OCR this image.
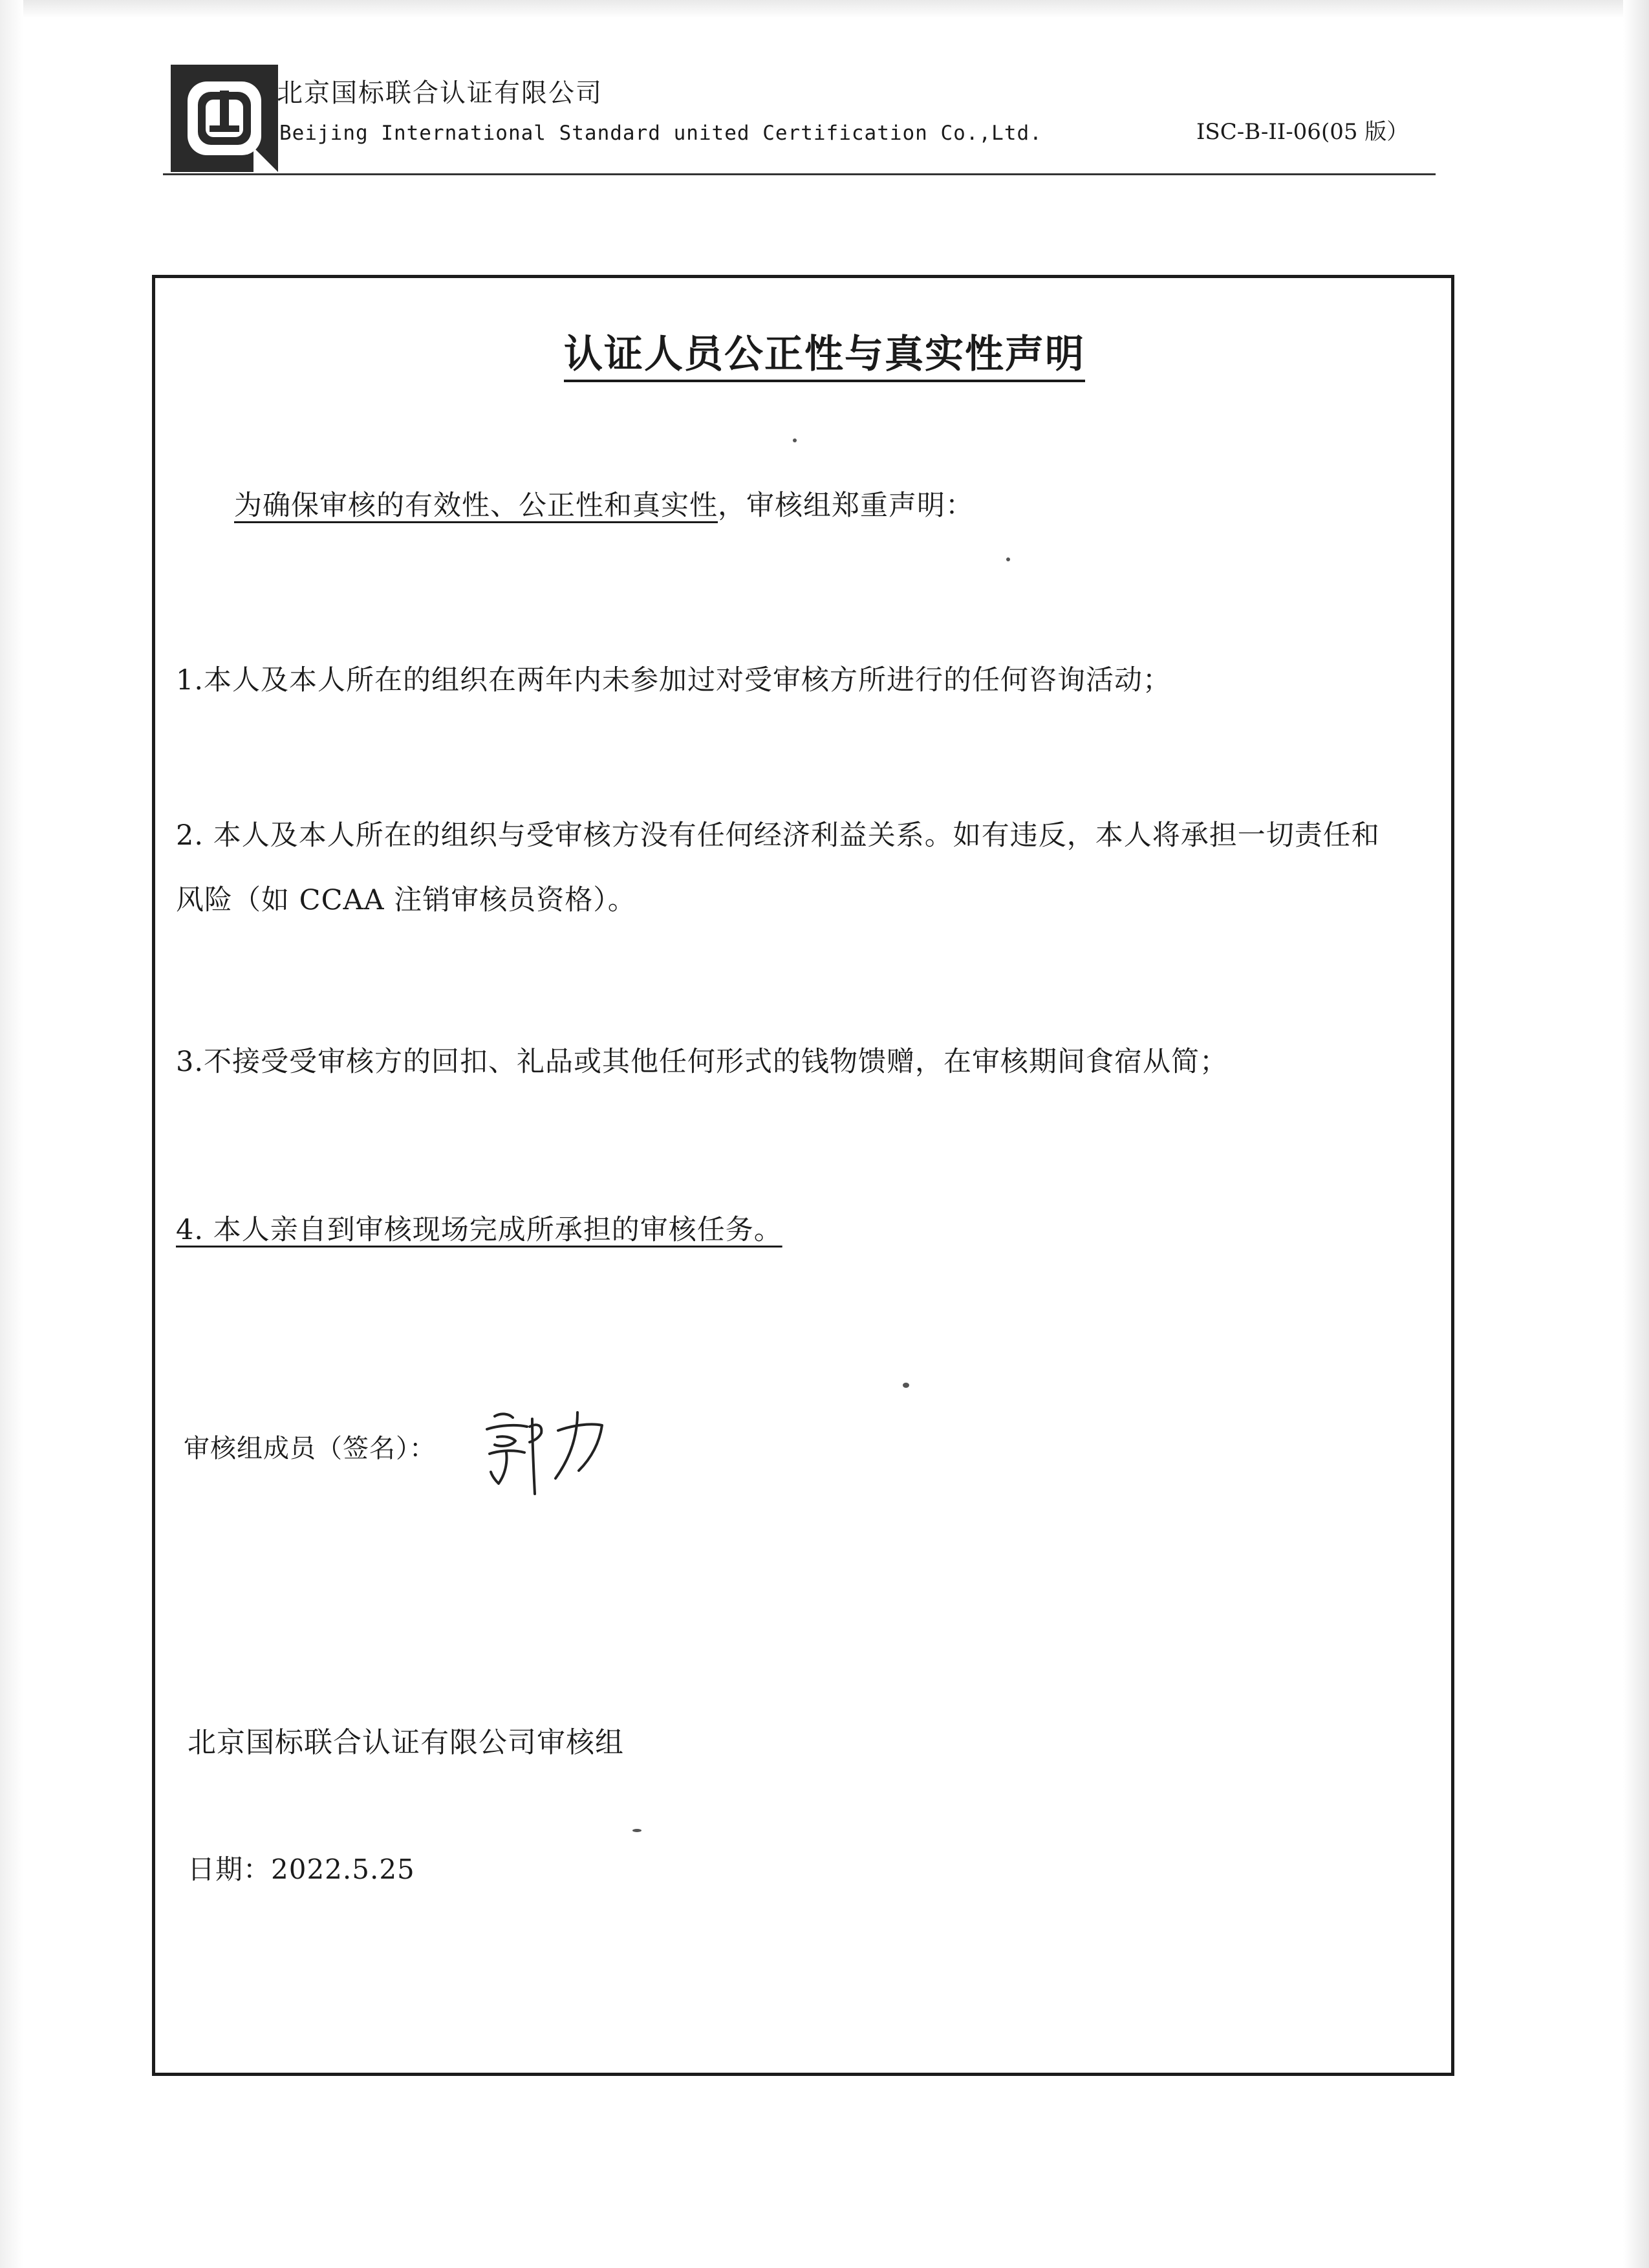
北京国标联合认证有限公司
Beijing International Standard united Certification Co.,Ltd.	ISC-B-II-06(05 版）
认证人员公正性与真实性声明
为确保审核的有效性、公正性和真实性，审核组郑重声明：
1.本人及本人所在的组织在两年内未参加过对受审核方所进行的任何咨询活动；
2. 本人及本人所在的组织与受审核方没有任何经济利益关系。如有违反，本人将承担一切责任和
风险（如 CCAA 注销审核员资格）。
3.不接受受审核方的回扣、礼品或其他任何形式的钱物馈赠，在审核期间食宿从简；
4. 本人亲自到审核现场完成所承担的审核任务。
审核组成员（签名）：
北京国标联合认证有限公司审核组
日期：2022.5.25
